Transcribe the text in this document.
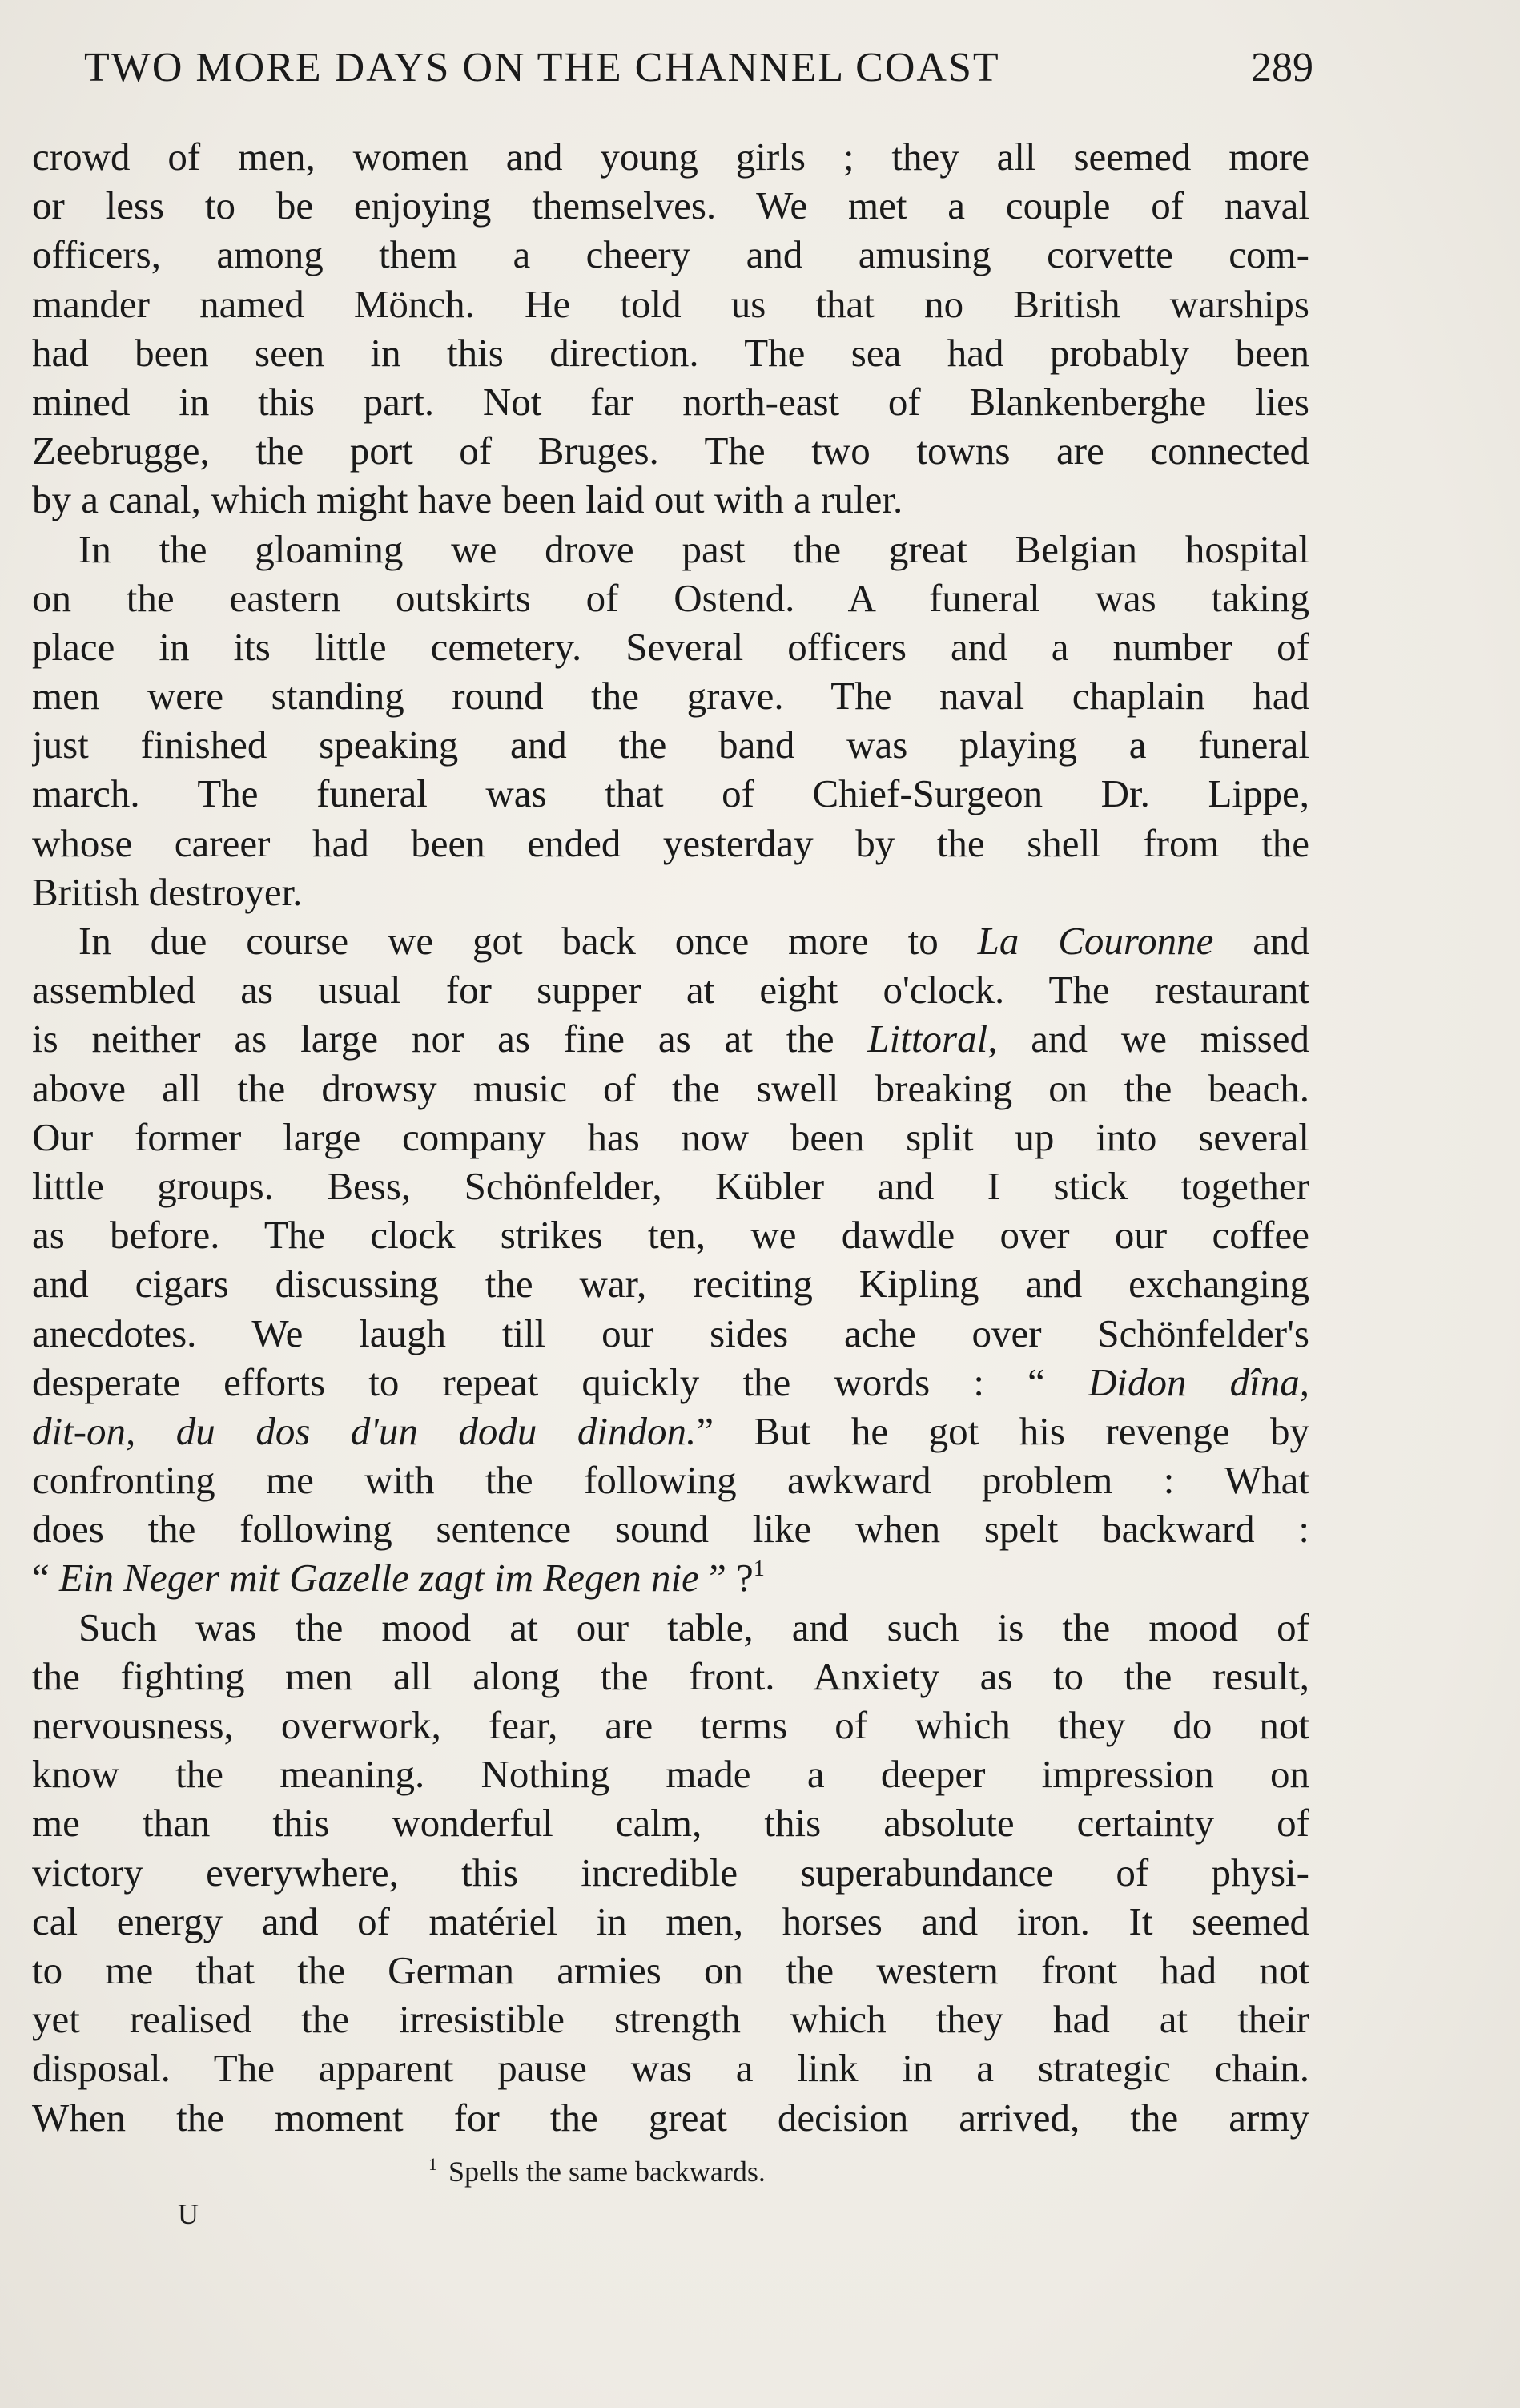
TWO MORE DAYS ON THE CHANNEL COAST	289
crowd of men, women and young girls ; they all seemed more
or less to be enjoying themselves. We met a couple of naval
officers, among them a cheery and amusing corvette com-
mander named Mönch. He told us that no British warships
had been seen in this direction. The sea had probably been
mined in this part. Not far north-east of Blankenberghe lies
Zeebrugge, the port of Bruges. The two towns are connected
by a canal, which might have been laid out with a ruler.
In the gloaming we drove past the great Belgian hospital
on the eastern outskirts of Ostend. A funeral was taking
place in its little cemetery. Several officers and a number of
men were standing round the grave. The naval chaplain had
just finished speaking and the band was playing a funeral
march. The funeral was that of Chief-Surgeon Dr. Lippe,
whose career had been ended yesterday by the shell from the
British destroyer.
In due course we got back once more to La Couronne and
assembled as usual for supper at eight o'clock. The restaurant
is neither as large nor as fine as at the Littoral, and we missed
above all the drowsy music of the swell breaking on the beach.
Our former large company has now been split up into several
little groups. Bess, Schönfelder, Kübler and I stick together
as before. The clock strikes ten, we dawdle over our coffee
and cigars discussing the war, reciting Kipling and exchanging
anecdotes. We laugh till our sides ache over Schönfelder's
desperate efforts to repeat quickly the words : “ Didon dîna,
dit-on, du dos d'un dodu dindon.” But he got his revenge by
confronting me with the following awkward problem : What
does the following sentence sound like when spelt backward :
“ Ein Neger mit Gazelle zagt im Regen nie ” ?$^1$
Such was the mood at our table, and such is the mood of
the fighting men all along the front. Anxiety as to the result,
nervousness, overwork, fear, are terms of which they do not
know the meaning. Nothing made a deeper impression on
me than this wonderful calm, this absolute certainty of
victory everywhere, this incredible superabundance of physi-
cal energy and of matériel in men, horses and iron. It seemed
to me that the German armies on the western front had not
yet realised the irresistible strength which they had at their
disposal. The apparent pause was a link in a strategic chain.
When the moment for the great decision arrived, the army
$^1$ Spells the same backwards.
U
